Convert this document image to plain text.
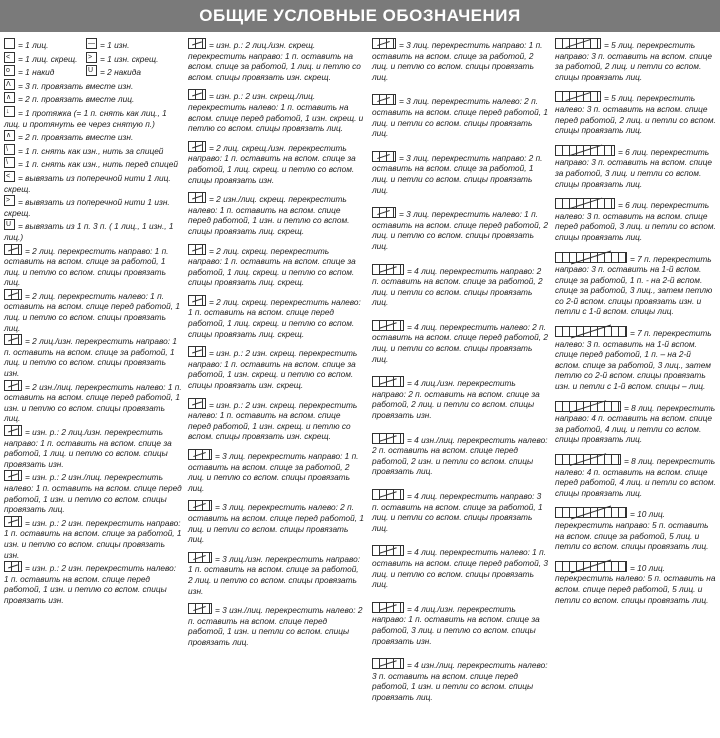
ОБЩИЕ УСЛОВНЫЕ ОБОЗНАЧЕНИЯ
= 1 лиц.	— = 1 изн.
< = 1 лиц. скрещ. > = 1 изн. скрещ.
o = 1 накид	U = 2 накида
Λ = 3 п. провязать вместе изн.
∧ = 2 п. провязать вместе лиц.
↓ = 1 протяжка (= 1 п. снять как лиц., 1 лиц. и протянуть ее через снятую п.)
∧ = 2 п. провязать вместе изн.
\ = 1 п. снять как изн., нить за спицей
\ = 1 п. снять как изн., нить перед спицей
< = вывязать из поперечной нити 1 лиц. скрещ.
> = вывязать из поперечной нити 1 изн. скрещ.
U = вывязать из 1 п. 3 п. ( 1 лиц., 1 изн., 1 лиц.)
= 2 лиц. перекрестить направо: 1 п. оставить на вспом. спице за работой, 1 лиц. и петлю со вспом. спицы провязать лиц.
= 2 лиц. перекрестить налево: 1 п. оставить на вспом. спице перед работой, 1 лиц. и петлю со вспом. спицы провязать лиц.
= 2 лиц./изн. перекрестить направо: 1 п. оставить на вспом. спице за работой, 1 лиц. и петлю со вспом. спицы провязать изн.
= 2 изн./лиц. перекрестить налево: 1 п. оставить на вспом. спице перед работой, 1 изн. и петлю со вспом. спицы провязать лиц.
= изн. р.: 2 лиц./изн. перекрестить направо: 1 п. оставить на вспом. спице за работой, 1 лиц. и петлю со вспом. спицы провязать изн.
= изн. р.: 2 изн./лиц. перекрестить налево: 1 п. оставить на вспом. спице перед работой, 1 изн. и петлю со вспом. спицы провязать лиц.
= изн. р.: 2 изн. перекрестить направо: 1 п. оставить на вспом. спице за работой, 1 изн. и петлю со вспом. спицы провязать изн.
= изн. р.: 2 изн. перекрестить налево: 1 п. оставить на вспом. спице перед работой, 1 изн. и петлю со вспом. спицы провязать изн.
= изн. р.: 2 лиц./изн. скрещ. перекрестить направо: 1 п. оставить на вспом. спице за работой, 1 лиц. и петлю со вспом. спицы провязать изн. скрещ.
= изн. р.: 2 изн. скрещ./лиц. перекрестить налево: 1 п. оставить на вспом. спице перед работой, 1 изн. скрещ. и петлю со вспом. спицы провязать лиц.
= 2 лиц. скрещ./изн. перекрестить направо: 1 п. оставить на вспом. спице за работой, 1 лиц. скрещ. и петлю со вспом. спицы провязать изн.
= 2 изн./лиц. скрещ. перекрестить налево: 1 п. оставить на вспом. спице перед работой, 1 изн. и петлю со вспом. спицы провязать лиц. скрещ.
= 2 лиц. скрещ. перекрестить направо: 1 п. оставить на вспом. спице за работой, 1 лиц. скрещ. и петлю со вспом. спицы провязать лиц. скрещ.
= 2 лиц. скрещ. перекрестить налево: 1 п. оставить на вспом. спице перед работой, 1 лиц. скрещ. и петлю со вспом. спицы провязать лиц. скрещ.
= изн. р.: 2 изн. скрещ. перекрестить направо: 1 п. оставить на вспом. спице за работой, 1 изн. скрещ. и петлю со вспом. спицы провязать изн. скрещ.
= изн. р.: 2 изн. скрещ. перекрестить налево: 1 п. оставить на вспом. спице перед работой, 1 изн. скрещ. и петлю со вспом. спицы провязать изн. скрещ.
= 3 лиц. перекрестить направо: 1 п. оставить на вспом. спице за работой, 2 лиц. и петлю со вспом. спицы провязать лиц.
= 3 лиц. перекрестить налево: 2 п. оставить на вспом. спице перед работой, 1 лиц. и петли со вспом. спицы провязать лиц.
= 3 лиц./изн. перекрестить направо: 1 п. оставить на вспом. спице за работой, 2 лиц. и петлю со вспом. спицы провязать изн.
= 3 изн./лиц. перекрестить налево: 2 п. оставить на вспом. спице перед работой, 1 изн. и петли со вспом. спицы провязать лиц.
= 3 лиц. перекрестить направо: 1 п. оставить на вспом. спице за работой, 2 лиц. и петлю со вспом. спицы провязать лиц.
= 3 лиц. перекрестить налево: 2 п. оставить на вспом. спице перед работой, 1 лиц. и петли со вспом. спицы провязать лиц.
= 3 лиц. перекрестить направо: 2 п. оставить на вспом. спице за работой, 1 лиц. и петли со вспом. спицы провязать лиц.
= 3 лиц. перекрестить налево: 1 п. оставить на вспом. спице перед работой, 2 лиц. и петлю со вспом. спицы провязать лиц.
= 4 лиц. перекрестить направо: 2 п. оставить на вспом. спице за работой, 2 лиц. и петли со вспом. спицы провязать лиц.
= 4 лиц. перекрестить налево: 2 п. оставить на вспом. спице перед работой, 2 лиц. и петли со вспом. спицы провязать лиц.
= 4 лиц./изн. перекрестить направо: 2 п. оставить на вспом. спице за работой, 2 лиц. и петли со вспом. спицы провязать изн.
= 4 изн./лиц. перекрестить налево: 2 п. оставить на вспом. спице перед работой, 2 изн. и петли со вспом. спицы провязать лиц.
= 4 лиц. перекрестить направо: 3 п. оставить на вспом. спице за работой, 1 лиц. и петли со вспом. спицы провязать лиц.
= 4 лиц. перекрестить налево: 1 п. оставить на вспом. спице перед работой, 3 лиц. и петлю со вспом. спицы провязать лиц.
= 4 лиц./изн. перекрестить направо: 1 п. оставить на вспом. спице за работой, 3 лиц. и петлю со вспом. спицы провязать изн.
= 4 изн./лиц. перекрестить налево: 3 п. оставить на вспом. спице перед работой, 1 изн. и петли со вспом. спицы провязать лиц.
= 5 лиц. перекрестить направо: 3 п. оставить на вспом. спице за работой, 2 лиц. и петли со вспом. спицы провязать лиц.
= 5 лиц. перекрестить налево: 3 п. оставить на вспом. спице перед работой, 2 лиц. и петли со вспом. спицы провязать лиц.
= 6 лиц. перекрестить направо: 3 п. оставить на вспом. спице за работой, 3 лиц. и петли со вспом. спицы провязать лиц.
= 6 лиц. перекрестить налево: 3 п. оставить на вспом. спице перед работой, 3 лиц. и петли со вспом. спицы провязать лиц.
= 7 п. перекрестить направо: 3 п. оставить на 1-й вспом. спице за работой, 1 п. - на 2-й вспом. спице за работой, 3 лиц., затем петлю со 2-й вспом. спицы провязать изн. и петли с 1-й вспом. спицы лиц.
= 7 п. перекрестить налево: 3 п. оставить на 1-й вспом. спице перед работой, 1 п. – на 2-й вспом. спице за работой, 3 лиц., затем петлю со 2-й вспом. спицы провязать изн. и петли с 1-й вспом. спицы – лиц.
= 8 лиц. перекрестить направо: 4 п. оставить на вспом. спице за работой, 4 лиц. и петли со вспом. спицы провязать лиц.
= 8 лиц. перекрестить налево: 4 п. оставить на вспом. спице перед работой, 4 лиц. и петли со вспом. спицы провязать лиц.
= 10 лиц. перекрестить направо: 5 п. оставить на вспом. спице за работой, 5 лиц. и петли со вспом. спицы провязать лиц.
= 10 лиц. перекрестить налево: 5 п. оставить на вспом. спице перед работой, 5 лиц. и петли со вспом. спицы провязать лиц.
